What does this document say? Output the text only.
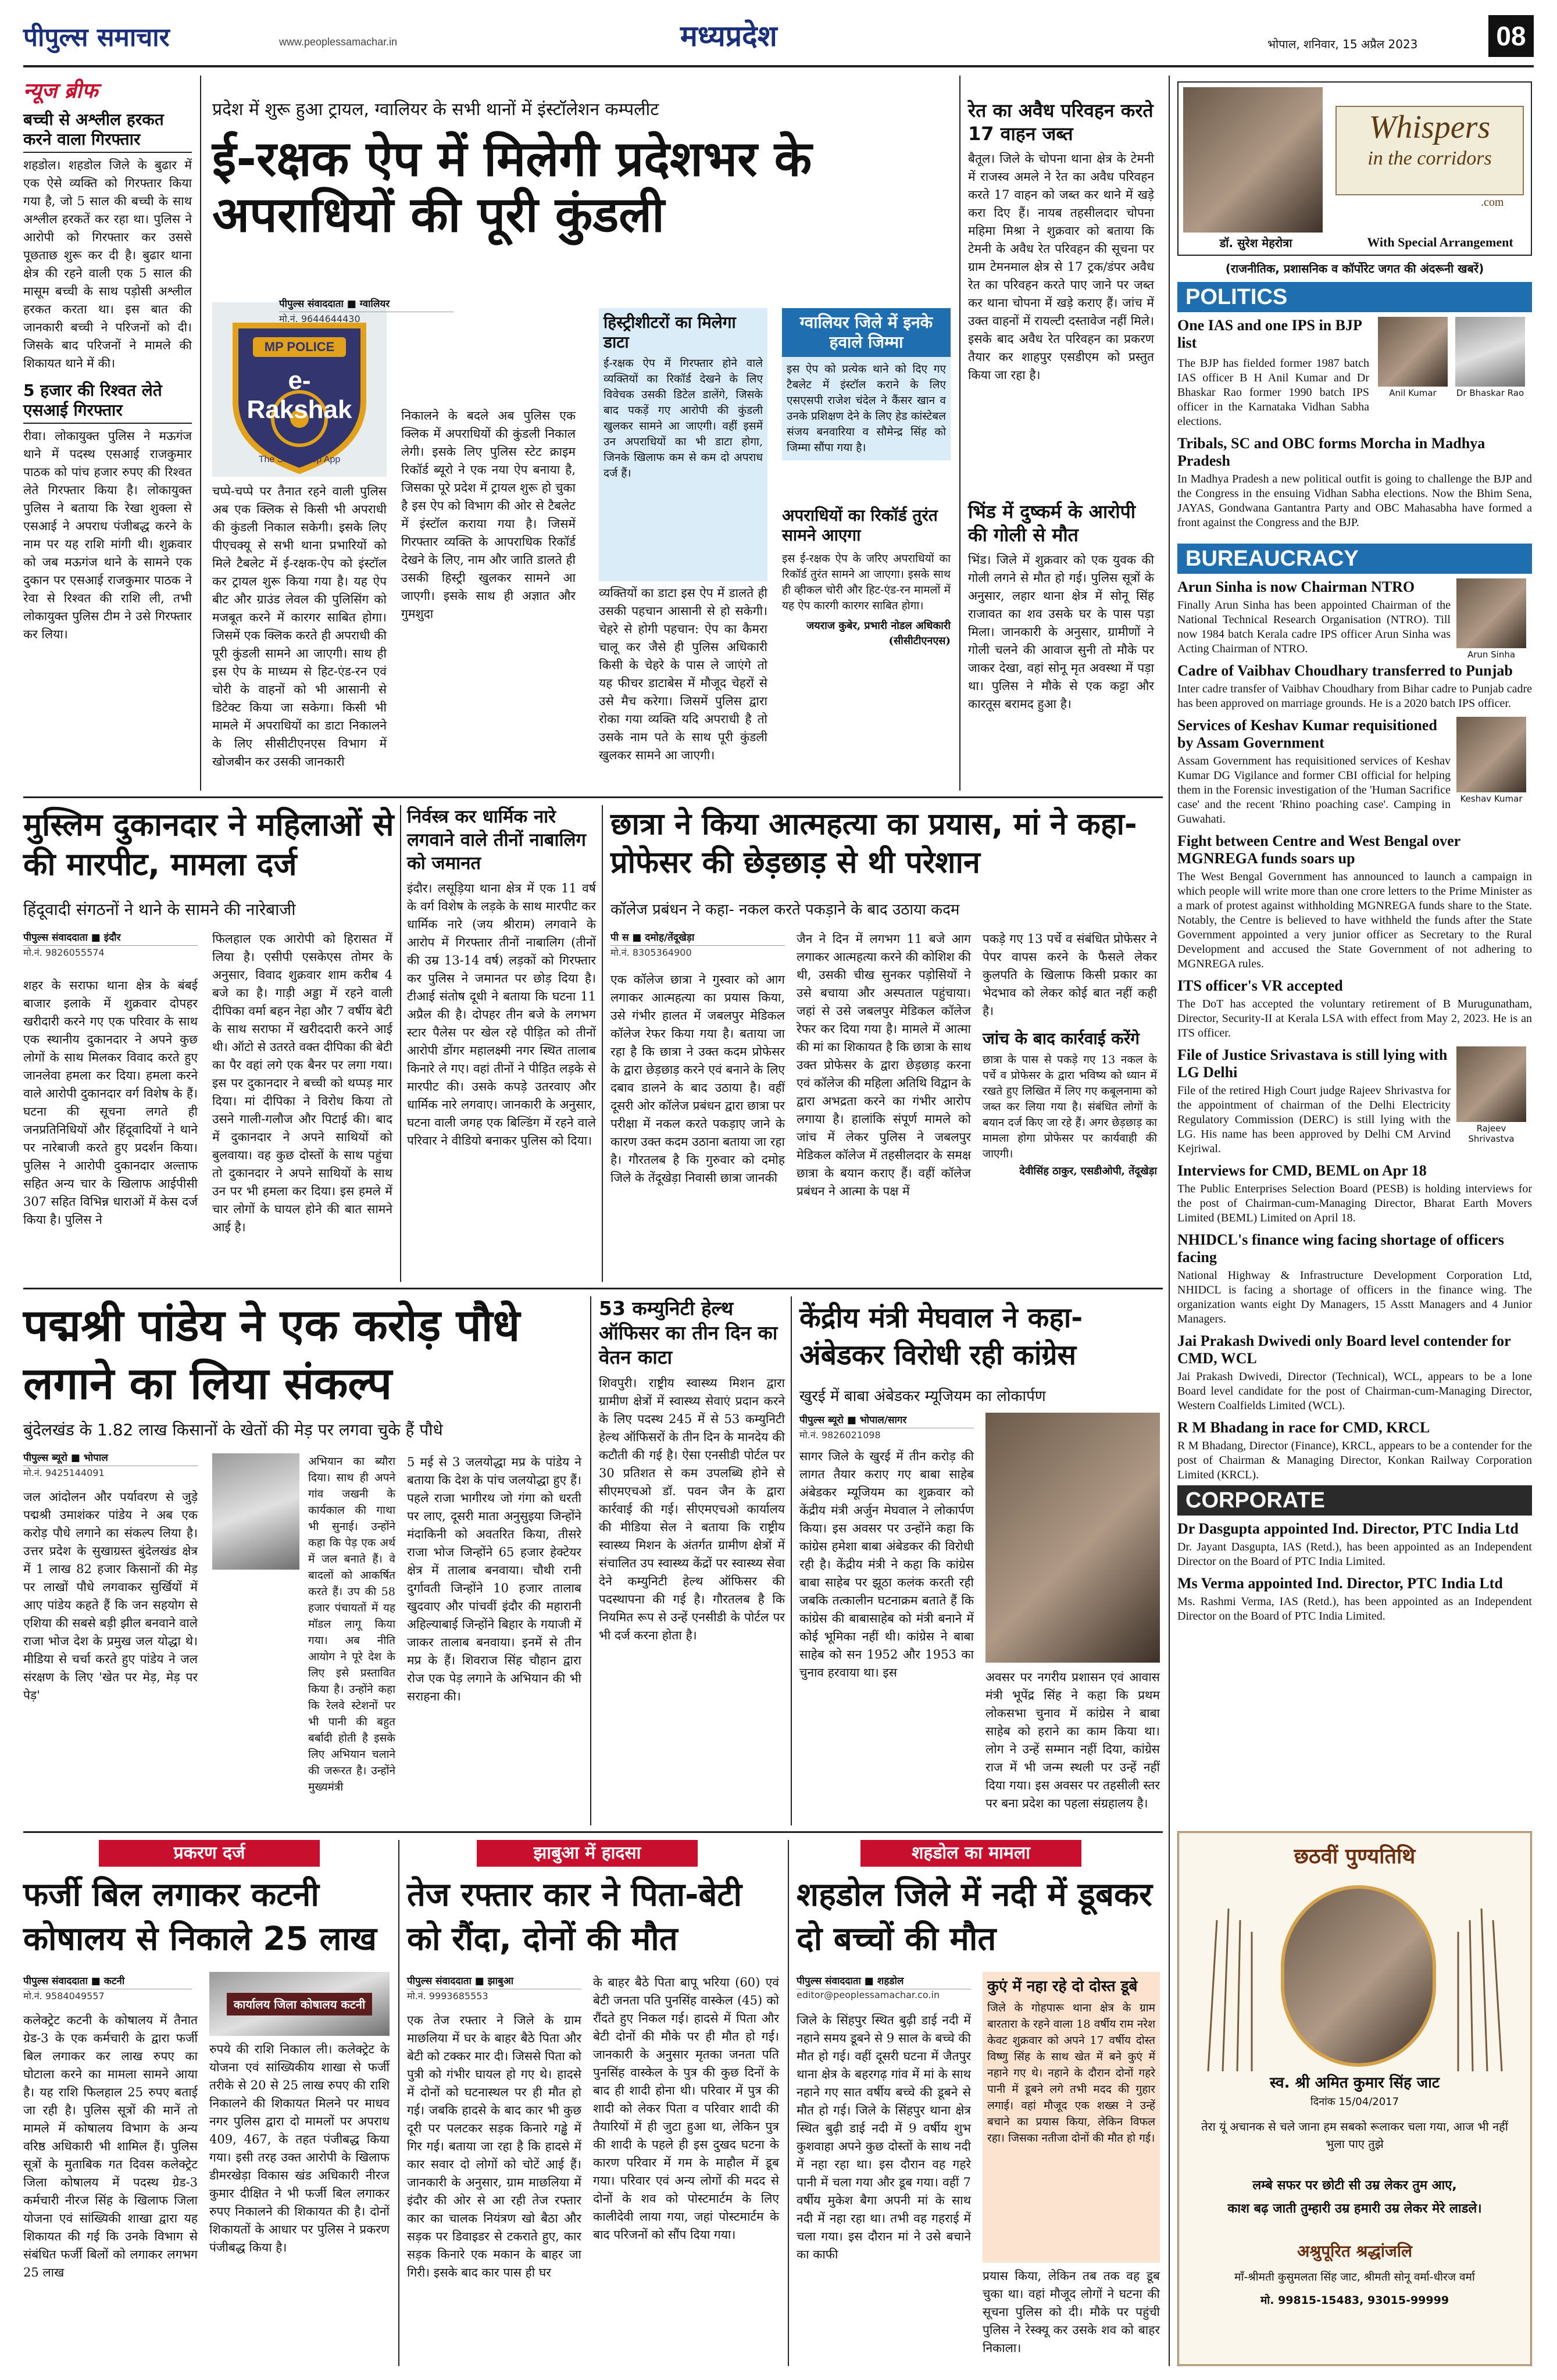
पीपुल्स समाचार	www.peoplessamachar.in	मध्यप्रदेश	भोपाल, शनिवार, 15 अप्रैल 2023	08
न्यूज ब्रीफ
बच्ची से अश्लील हरकत करने वाला गिरफ्तार
शहडोल। शहडोल जिले के बुढार में एक ऐसे व्यक्ति को गिरफ्तार किया गया है, जो 5 साल की बच्ची के साथ अश्लील हरकतें कर रहा था। पुलिस ने आरोपी को गिरफ्तार कर उससे पूछताछ शुरू कर दी है। बुढार थाना क्षेत्र की रहने वाली एक 5 साल की मासूम बच्ची के साथ पड़ोसी अश्लील हरकत करता था। इस बात की जानकारी बच्ची ने परिजनों को दी। जिसके बाद परिजनों ने मामले की शिकायत थाने में की।
5 हजार की रिश्वत लेते एसआई गिरफ्तार
रीवा। लोकायुक्त पुलिस ने मऊगंज थाने में पदस्थ एसआई राजकुमार पाठक को पांच हजार रुपए की रिश्वत लेते गिरफ्तार किया है। लोकायुक्त पुलिस ने बताया कि रेखा शुक्ला से एसआई ने अपराध पंजीबद्ध करने के नाम पर यह राशि मांगी थी। शुक्रवार को जब मऊगंज थाने के सामने एक दुकान पर एसआई राजकुमार पाठक ने रेवा से रिश्वत की राशि ली, तभी लोकायुक्त पुलिस टीम ने उसे गिरफ्तार कर लिया।
प्रदेश में शुरू हुआ ट्रायल, ग्वालियर के सभी थानों में इंस्टॉलेशन कम्पलीट
ई-रक्षक ऐप में मिलेगी प्रदेशभर के अपराधियों की पूरी कुंडली
MP POLICE
e-Rakshak
The Smart Cop App
पीपुल्स संवाददाता ■ ग्वालियर
मो.नं. 9644644430
चप्पे-चप्पे पर तैनात रहने वाली पुलिस अब एक क्लिक से किसी भी अपराधी की कुंडली निकाल सकेगी। इसके लिए पीएचक्यू से सभी थाना प्रभारियों को मिले टैबलेट में ई-रक्षक-ऐप को इंस्टॉल कर ट्रायल शुरू किया गया है। यह ऐप बीट और ग्राउंड लेवल की पुलिसिंग को मजबूत करने में कारगर साबित होगा। जिसमें एक क्लिक करते ही अपराधी की पूरी कुंडली सामने आ जाएगी। साथ ही इस ऐप के माध्यम से हिट-एंड-रन एवं चोरी के वाहनों को भी आसानी से डिटेक्ट किया जा सकेगा। किसी भी मामले में अपराधियों का डाटा निकालने के लिए सीसीटीएनएस विभाग में खोजबीन कर उसकी जानकारी
निकालने के बदले अब पुलिस एक क्लिक में अपराधियों की कुंडली निकाल लेगी। इसके लिए पुलिस स्टेट क्राइम रिकॉर्ड ब्यूरो ने एक नया ऐप बनाया है, जिसका पूरे प्रदेश में ट्रायल शुरू हो चुका है इस ऐप को विभाग की ओर से टैबलेट में इंस्टॉल कराया गया है। जिसमें गिरफ्तार व्यक्ति के आपराधिक रिकॉर्ड देखने के लिए, नाम और जाति डालते ही उसकी हिस्ट्री खुलकर सामने आ जाएगी। इसके साथ ही अज्ञात और गुमशुदा
हिस्ट्रीशीटरों का मिलेगा डाटा
ई-रक्षक ऐप में गिरफ्तार होने वाले व्यक्तियों का रिकॉर्ड देखने के लिए विवेचक उसकी डिटेल डालेंगे, जिसके बाद पकड़ें गए आरोपी की कुंडली खुलकर सामने आ जाएगी। वहीं इसमें उन अपराधियों का भी डाटा होगा, जिनके खिलाफ कम से कम दो अपराध दर्ज हैं।
व्यक्तियों का डाटा इस ऐप में डालते ही उसकी पहचान आसानी से हो सकेगी। चेहरे से होगी पहचान: ऐप का कैमरा चालू कर जैसे ही पुलिस अधिकारी किसी के चेहरे के पास ले जाएंगे तो यह फीचर डाटाबेस में मौजूद चेहरों से उसे मैच करेगा। जिसमें पुलिस द्वारा रोका गया व्यक्ति यदि अपराधी है तो उसके नाम पते के साथ पूरी कुंडली खुलकर सामने आ जाएगी।
ग्वालियर जिले में इनके हवाले जिम्मा
इस ऐप को प्रत्येक थाने को दिए गए टैबलेट में इंस्टॉल कराने के लिए एसएसपी राजेश चंदेल ने कैंसर खान व उनके प्रशिक्षण देने के लिए हेड कांस्टेबल संजय बनवारिया व सौमेन्द्र सिंह को जिम्मा सौंपा गया है।
अपराधियों का रिकॉर्ड तुरंत सामने आएगा
इस ई-रक्षक ऐप के जरिए अपराधियों का रिकॉर्ड तुरंत सामने आ जाएगा। इसके साथ ही व्हीकल चोरी और हिट-एंड-रन मामलों में यह ऐप कारगी कारगर साबित होगा।
जयराज कुबेर, प्रभारी नोडल अधिकारी (सीसीटीएनएस)
रेत का अवैध परिवहन करते 17 वाहन जब्त
बैतूल। जिले के चोपना थाना क्षेत्र के टेमनी में राजस्व अमले ने रेत का अवैध परिवहन करते 17 वाहन को जब्त कर थाने में खड़े करा दिए हैं। नायब तहसीलदार चोपना महिमा मिश्रा ने शुक्रवार को बताया कि टेमनी के अवैध रेत परिवहन की सूचना पर ग्राम टेमनमाल क्षेत्र से 17 ट्रक/डंपर अवैध रेत का परिवहन करते पाए जाने पर जब्त कर थाना चोपना में खड़े कराए हैं। जांच में उक्त वाहनों में रायल्टी दस्तावेज नहीं मिले। इसके बाद अवैध रेत परिवहन का प्रकरण तैयार कर शाहपुर एसडीएम को प्रस्तुत किया जा रहा है।
भिंड में दुष्कर्म के आरोपी की गोली से मौत
भिंड। जिले में शुक्रवार को एक युवक की गोली लगने से मौत हो गई। पुलिस सूत्रों के अनुसार, लहार थाना क्षेत्र में सोनू सिंह राजावत का शव उसके घर के पास पड़ा मिला। जानकारी के अनुसार, ग्रामीणों ने गोली चलने की आवाज सुनी तो मौके पर जाकर देखा, वहां सोनू मृत अवस्था में पड़ा था। पुलिस ने मौके से एक कट्टा और कारतूस बरामद हुआ है।
मुस्लिम दुकानदार ने महिलाओं से की मारपीट, मामला दर्ज
हिंदूवादी संगठनों ने थाने के सामने की नारेबाजी
पीपुल्स संवाददाता ■ इंदौर
मो.नं. 9826055574
शहर के सराफा थाना क्षेत्र के बंबई बाजार इलाके में शुक्रवार दोपहर खरीदारी करने गए एक परिवार के साथ एक स्थानीय दुकानदार ने अपने कुछ लोगों के साथ मिलकर विवाद करते हुए जानलेवा हमला कर दिया। हमला करने वाले आरोपी दुकानदार वर्ग विशेष के हैं। घटना की सूचना लगते ही जनप्रतिनिधियों और हिंदूवादियों ने थाने पर नारेबाजी करते हुए प्रदर्शन किया। पुलिस ने आरोपी दुकानदार अल्ताफ सहित अन्य चार के खिलाफ आईपीसी 307 सहित विभिन्न धाराओं में केस दर्ज किया है। पुलिस ने
फिलहाल एक आरोपी को हिरासत में लिया है। एसीपी एसकेएस तोमर के अनुसार, विवाद शुक्रवार शाम करीब 4 बजे का है। गाड़ी अड्डा में रहने वाली दीपिका वर्मा बहन नेहा और 7 वर्षीय बेटी के साथ सराफा में खरीददारी करने आई थी। ऑटो से उतरते वक्त दीपिका की बेटी का पैर वहां लगे एक बैनर पर लगा गया। इस पर दुकानदार ने बच्ची को थप्पड़ मार दिया। मां दीपिका ने विरोध किया तो उसने गाली-गलौज और पिटाई की। बाद में दुकानदार ने अपने साथियों को बुलवाया। वह कुछ दोस्तों के साथ पहुंचा तो दुकानदार ने अपने साथियों के साथ उन पर भी हमला कर दिया। इस हमले में चार लोगों के घायल होने की बात सामने आई है।
निर्वस्त्र कर धार्मिक नारे लगवाने वाले तीनों नाबालिग को जमानत
इंदौर। लसूड़िया थाना क्षेत्र में एक 11 वर्ष के वर्ग विशेष के लड़के के साथ मारपीट कर धार्मिक नारे (जय श्रीराम) लगवाने के आरोप में गिरफ्तार तीनों नाबालिग (तीनों की उम्र 13-14 वर्ष) लड़कों को गिरफ्तार कर पुलिस ने जमानत पर छोड़ दिया है। टीआई संतोष दूधी ने बताया कि घटना 11 अप्रैल की है। दोपहर तीन बजे के लगभग स्टार पैलेस पर खेल रहे पीड़ित को तीनों आरोपी डोंगर महालक्ष्मी नगर स्थित तालाब किनारे ले गए। वहां तीनों ने पीड़ित लड़के से मारपीट की। उसके कपड़े उतरवाए और धार्मिक नारे लगवाए। जानकारी के अनुसार, घटना वाली जगह एक बिल्डिंग में रहने वाले परिवार ने वीडियो बनाकर पुलिस को दिया।
छात्रा ने किया आत्महत्या का प्रयास, मां ने कहा-प्रोफेसर की छेड़छाड़ से थी परेशान
कॉलेज प्रबंधन ने कहा- नकल करते पकड़ाने के बाद उठाया कदम
पी स ■ दमोह/तेंदूखेड़ा
मो.नं. 8305364900
एक कॉलेज छात्रा ने गुस्वार को आग लगाकर आत्महत्या का प्रयास किया, उसे गंभीर हालत में जबलपुर मेडिकल कॉलेज रेफर किया गया है। बताया जा रहा है कि छात्रा ने उक्त कदम प्रोफेसर के द्वारा छेड़छाड़ करने एवं बनाने के लिए दबाव डालने के बाद उठाया है। वहीं दूसरी ओर कॉलेज प्रबंधन द्वारा छात्रा पर परीक्षा में नकल करते पकड़ाए जाने के कारण उक्त कदम उठाना बताया जा रहा है। गौरतलब है कि गुरुवार को दमोह जिले के तेंदूखेड़ा निवासी छात्रा जानकी
जैन ने दिन में लगभग 11 बजे आग लगाकर आत्महत्या करने की कोशिश की थी, उसकी चीख सुनकर पड़ोसियों ने उसे बचाया और अस्पताल पहुंचाया। जहां से उसे जबलपुर मेडिकल कॉलेज रेफर कर दिया गया है। मामले में आत्मा की मां का शिकायत है कि छात्रा के साथ उक्त प्रोफेसर के द्वारा छेड़छाड़ करना एवं कॉलेज की महिला अतिथि विद्वान के द्वारा अभद्रता करने का गंभीर आरोप लगाया है। हालांकि संपूर्ण मामले को जांच में लेकर पुलिस ने जबलपुर मेडिकल कॉलेज में तहसीलदार के समक्ष छात्रा के बयान कराए हैं। वहीं कॉलेज प्रबंधन ने आत्मा के पक्ष में
पकड़े गए 13 पर्चे व संबंधित प्रोफेसर ने पेपर वापस करने के फैसले लेकर कुलपति के खिलाफ किसी प्रकार का भेदभाव को लेकर कोई बात नहीं कही है।
जांच के बाद कार्रवाई करेंगे
छात्रा के पास से पकड़े गए 13 नकल के पर्चे व प्रोफेसर के द्वारा भविष्य को ध्यान में रखते हुए लिखित में लिए गए कबूलनामा को जब्त कर लिया गया है। संबंधित लोगों के बयान दर्ज किए जा रहे हैं। अगर छेड़छाड़ का मामला होगा प्रोफेसर पर कार्यवाही की जाएगी।
देवीसिंह ठाकुर, एसडीओपी, तेंदूखेड़ा
पद्मश्री पांडेय ने एक करोड़ पौधे लगाने का लिया संकल्प
बुंदेलखंड के 1.82 लाख किसानों के खेतों की मेड़ पर लगवा चुके हैं पौधे
पीपुल्स ब्यूरो ■ भोपाल
मो.नं. 9425144091
जल आंदोलन और पर्यावरण से जुड़े पद्मश्री उमाशंकर पांडेय ने अब एक करोड़ पौधे लगाने का संकल्प लिया है। उत्तर प्रदेश के सुखाग्रस्त बुंदेलखंड क्षेत्र में 1 लाख 82 हजार किसानों की मेड़ पर लाखों पौधे लगवाकर सुर्खियों में आए पांडेय कहते हैं कि जन सहयोग से एशिया की सबसे बड़ी झील बनवाने वाले राजा भोज देश के प्रमुख जल योद्धा थे। मीडिया से चर्चा करते हुए पांडेय ने जल संरक्षण के लिए 'खेत पर मेड़, मेड़ पर पेड़'
अभियान का ब्यौरा दिया। साथ ही अपने गांव जखनी के कार्यकाल की गाथा भी सुनाई। उन्होंने कहा कि पेड़ एक अर्थ में जल बनाते हैं। वे बादलों को आकर्षित करते हैं। उप की 58 हजार पंचायतों में यह मॉडल लागू किया गया। अब नीति आयोग ने पूरे देश के लिए इसे प्रस्तावित किया है। उन्होंने कहा कि रेलवे स्टेशनों पर भी पानी की बहुत बर्बादी होती है इसके लिए अभियान चलाने की जरूरत है। उन्होंने मुख्यमंत्री
5 मई से 3 जलयोद्धा मप्र के पांडेय ने बताया कि देश के पांच जलयोद्धा हुए हैं। पहले राजा भागीरथ जो गंगा को धरती पर लाए, दूसरी माता अनुसुइया जिन्होंने मंदाकिनी को अवतरित किया, तीसरे राजा भोज जिन्होंने 65 हजार हेक्टेयर क्षेत्र में तालाब बनवाया। चौथी रानी दुर्गावती जिन्होंने 10 हजार तालाब खुदवाए और पांचवीं इंदौर की महारानी अहिल्याबाई जिन्होंने बिहार के गयाजी में जाकर तालाब बनवाया। इनमें से तीन मप्र के हैं। शिवराज सिंह चौहान द्वारा रोज एक पेड़ लगाने के अभियान की भी सराहना की।
53 कम्युनिटी हेल्थ ऑफिसर का तीन दिन का वेतन काटा
शिवपुरी। राष्ट्रीय स्वास्थ्य मिशन द्वारा ग्रामीण क्षेत्रों में स्वास्थ्य सेवाएं प्रदान करने के लिए पदस्थ 245 में से 53 कम्युनिटी हेल्थ ऑफिसरों के तीन दिन के मानदेय की कटौती की गई है। ऐसा एनसीडी पोर्टल पर 30 प्रतिशत से कम उपलब्धि होने से सीएमएचओ डॉ. पवन जैन के द्वारा कार्रवाई की गई। सीएमएचओ कार्यालय की मीडिया सेल ने बताया कि राष्ट्रीय स्वास्थ्य मिशन के अंतर्गत ग्रामीण क्षेत्रों में संचालित उप स्वास्थ्य केंद्रों पर स्वास्थ्य सेवा देने कम्युनिटी हेल्थ ऑफिसर की पदस्थापना की गई है। गौरतलब है कि नियमित रूप से उन्हें एनसीडी के पोर्टल पर भी दर्ज करना होता है।
केंद्रीय मंत्री मेघवाल ने कहा-अंबेडकर विरोधी रही कांग्रेस
खुरई में बाबा अंबेडकर म्यूजियम का लोकार्पण
पीपुल्स ब्यूरो ■ भोपाल/सागर
मो.नं. 9826021098
सागर जिले के खुरई में तीन करोड़ की लागत तैयार कराए गए बाबा साहेब अंबेडकर म्यूजियम का शुक्रवार को केंद्रीय मंत्री अर्जुन मेघवाल ने लोकार्पण किया। इस अवसर पर उन्होंने कहा कि कांग्रेस हमेशा बाबा अंबेडकर की विरोधी रही है। केंद्रीय मंत्री ने कहा कि कांग्रेस बाबा साहेब पर झूठा कलंक करती रही जबकि तत्कालीन घटनाक्रम बताते हैं कि कांग्रेस की बाबासाहेब को मंत्री बनाने में कोई भूमिका नहीं थी। कांग्रेस ने बाबा साहेब को सन 1952 और 1953 का चुनाव हरवाया था। इस	अवसर पर नगरीय प्रशासन एवं आवास मंत्री भूपेंद्र सिंह ने कहा कि प्रथम लोकसभा चुनाव में कांग्रेस ने बाबा साहेब को हराने का काम किया था। लोग ने उन्हें सम्मान नहीं दिया, कांग्रेस राज में भी जन्म स्थली पर उन्हें नहीं दिया गया। इस अवसर पर तहसीली स्तर पर बना प्रदेश का पहला संग्रहालय है।
प्रकरण दर्ज
फर्जी बिल लगाकर कटनी कोषालय से निकाले 25 लाख
पीपुल्स संवाददाता ■ कटनी
मो.नं. 9584049557
कलेक्ट्रेट कटनी के कोषालय में तैनात ग्रेड-3 के एक कर्मचारी के द्वारा फर्जी बिल लगाकर कर लाख रुपए का घोटाला करने का मामला सामने आया है। यह राशि फिलहाल 25 रुपए बताई जा रही है। पुलिस सूत्रों की मानें तो मामले में कोषालय विभाग के अन्य वरिष्ठ अधिकारी भी शामिल हैं। पुलिस सूत्रों के मुताबिक गत दिवस कलेक्ट्रेट जिला कोषालय में पदस्थ ग्रेड-3 कर्मचारी नीरज सिंह के खिलाफ जिला योजना एवं सांख्यिकी शाखा द्वारा यह शिकायत की गई कि उनके विभाग से संबंधित फर्जी बिलों को लगाकर लगभग 25 लाख
कार्यालय जिला कोषालय कटनी
रुपये की राशि निकाल ली। कलेक्ट्रेट के योजना एवं सांख्यिकीय शाखा से फर्जी तरीके से 20 से 25 लाख रुपए की राशि निकालने की शिकायत मिलने पर माधव नगर पुलिस द्वारा दो मामलों पर अपराध 409, 467, के तहत पंजीबद्ध किया गया। इसी तरह उक्त आरोपी के खिलाफ डीमरखेड़ा विकास खंड अधिकारी नीरज कुमार दीक्षित ने भी फर्जी बिल लगाकर रुपए निकालने की शिकायत की है। दोनों शिकायतों के आधार पर पुलिस ने प्रकरण पंजीबद्ध किया है।
झाबुआ में हादसा
तेज रफ्तार कार ने पिता-बेटी को रौंदा, दोनों की मौत
पीपुल्स संवाददाता ■ झाबुआ
मो.नं. 9993685553
एक तेज रफ्तार ने जिले के ग्राम माछलिया में घर के बाहर बैठे पिता और बेटी को टक्कर मार दी। जिससे पिता को पुत्री को गंभीर घायल हो गए थे। हादसे में दोनों को घटनास्थल पर ही मौत हो गई। जबकि हादसे के बाद कार भी कुछ दूरी पर पलटकर सड़क किनारे गड्ढे में गिर गई। बताया जा रहा है कि हादसे में कार सवार दो लोगों को चोटें आई हैं। जानकारी के अनुसार, ग्राम माछलिया में इंदौर की ओर से आ रही तेज रफ्तार कार का चालक नियंत्रण खो बैठा और सड़क पर डिवाइडर से टकराते हुए, कार सड़क किनारे एक मकान के बाहर जा गिरी। इसके बाद कार पास ही घर
के बाहर बैठे पिता बापू भरिया (60) एवं बेटी जनता पति पुनसिंह वास्केल (45) को रौंदते हुए निकल गई। हादसे में पिता और बेटी दोनों की मौके पर ही मौत हो गई। जानकारी के अनुसार मृतका जनता पति पुनसिंह वास्केल के पुत्र की कुछ दिनों के बाद ही शादी होना थी। परिवार में पुत्र की शादी को लेकर पिता व परिवार शादी की तैयारियों में ही जुटा हुआ था, लेकिन पुत्र की शादी के पहले ही इस दुखद घटना के कारण परिवार में गम के माहौल में डूब गया। परिवार एवं अन्य लोगों की मदद से दोनों के शव को पोस्टमार्टम के लिए कालीदेवी लाया गया, जहां पोस्टमार्टम के बाद परिजनों को सौंप दिया गया।
शहडोल का मामला
शहडोल जिले में नदी में डूबकर दो बच्चों की मौत
पीपुल्स संवाददाता ■ शहडोल
editor@peoplessamachar.co.in
जिले के सिंहपुर स्थित बुढ़ी डाई नदी में नहाने समय डूबने से 9 साल के बच्चे की मौत हो गई। वहीं दूसरी घटना में जैतपुर थाना क्षेत्र के बहरगढ़ गांव में मां के साथ नहाने गए सात वर्षीय बच्चे की डूबने से मौत हो गई। जिले के सिंहपुर थाना क्षेत्र स्थित बुढ़ी डाई नदी में 9 वर्षीय शुभ कुशवाहा अपने कुछ दोस्तों के साथ नदी में नहा रहा था। इस दौरान वह गहरे पानी में चला गया और डूब गया। वहीं 7 वर्षीय मुकेश बैगा अपनी मां के साथ नदी में नहा रहा था। तभी वह गहराई में चला गया। इस दौरान मां ने उसे बचाने का काफी
कुएं में नहा रहे दो दोस्त डूबे
जिले के गोहपारू थाना क्षेत्र के ग्राम बारतारा के रहने वाला 18 वर्षीय राम नरेश केवट शुक्रवार को अपने 17 वर्षीय दोस्त विष्णु सिंह के साथ खेत में बने कुएं में नहाने गए थे। नहाने के दौरान दोनों गहरे पानी में डूबने लगे तभी मदद की गुहार लगाई। वहां मौजूद एक शख्स ने उन्हें बचाने का प्रयास किया, लेकिन विफल रहा। जिसका नतीजा दोनों की मौत हो गई।
प्रयास किया, लेकिन तब तक वह डूब चुका था। वहां मौजूद लोगों ने घटना की सूचना पुलिस को दी। मौके पर पहुंची पुलिस ने रेस्क्यू कर उसके शव को बाहर निकाला।
Whispers
in the corridors
.com
डॉ. सुरेश मेहरोत्रा	With Special Arrangement
(राजनीतिक, प्रशासनिक व कॉर्पोरेट जगत की अंदरूनी खबरें)
POLITICS
One IAS and one IPS in BJP list
Anil Kumar	Dr Bhaskar Rao
The BJP has fielded former 1987 batch IAS officer B H Anil Kumar and Dr Bhaskar Rao former 1990 batch IPS officer in the Karnataka Vidhan Sabha elections.
Tribals, SC and OBC forms Morcha in Madhya Pradesh
In Madhya Pradesh a new political outfit is going to challenge the BJP and the Congress in the ensuing Vidhan Sabha elections. Now the Bhim Sena, JAYAS, Gondwana Gantantra Party and OBC Mahasabha have formed a front against the Congress and the BJP.
BUREAUCRACY
Arun Sinha
Arun Sinha is now Chairman NTRO
Finally Arun Sinha has been appointed Chairman of the National Technical Research Organisation (NTRO). Till now 1984 batch Kerala cadre IPS officer Arun Sinha was Acting Chairman of NTRO.
Cadre of Vaibhav Choudhary transferred to Punjab
Inter cadre transfer of Vaibhav Choudhary from Bihar cadre to Punjab cadre has been approved on marriage grounds. He is a 2020 batch IPS officer.
Keshav Kumar
Services of Keshav Kumar requisitioned by Assam Government
Assam Government has requisitioned services of Keshav Kumar DG Vigilance and former CBI official for helping them in the Forensic investigation of the 'Human Sacrifice case' and the recent 'Rhino poaching case'. Camping in Guwahati.
Fight between Centre and West Bengal over MGNREGA funds soars up
The West Bengal Government has announced to launch a campaign in which people will write more than one crore letters to the Prime Minister as a mark of protest against withholding MGNREGA funds share to the State. Notably, the Centre is believed to have withheld the funds after the State Government appointed a very junior officer as Secretary to the Rural Development and accused the State Government of not adhering to MGNREGA rules.
ITS officer's VR accepted
The DoT has accepted the voluntary retirement of B Murugunatham, Director, Security-II at Kerala LSA with effect from May 2, 2023. He is an ITS officer.
Rajeev Shrivastva
File of Justice Srivastava is still lying with LG Delhi
File of the retired High Court judge Rajeev Shrivastva for the appointment of chairman of the Delhi Electricity Regulatory Commission (DERC) is still lying with the LG. His name has been approved by Delhi CM Arvind Kejriwal.
Interviews for CMD, BEML on Apr 18
The Public Enterprises Selection Board (PESB) is holding interviews for the post of Chairman-cum-Managing Director, Bharat Earth Movers Limited (BEML) Limited on April 18.
NHIDCL's finance wing facing shortage of officers facing
National Highway & Infrastructure Development Corporation Ltd, NHIDCL is facing a shortage of officers in the finance wing. The organization wants eight Dy Managers, 15 Asstt Managers and 4 Junior Managers.
Jai Prakash Dwivedi only Board level contender for CMD, WCL
Jai Prakash Dwivedi, Director (Technical), WCL, appears to be a lone Board level candidate for the post of Chairman-cum-Managing Director, Western Coalfields Limited (WCL).
R M Bhadang in race for CMD, KRCL
R M Bhadang, Director (Finance), KRCL, appears to be a contender for the post of Chairman & Managing Director, Konkan Railway Corporation Limited (KRCL).
CORPORATE
Dr Dasgupta appointed Ind. Director, PTC India Ltd
Dr. Jayant Dasgupta, IAS (Retd.), has been appointed as an Independent Director on the Board of PTC India Limited.
Ms Verma appointed Ind. Director, PTC India Ltd
Ms. Rashmi Verma, IAS (Retd.), has been appointed as an Independent Director on the Board of PTC India Limited.
छठवीं पुण्यतिथि
स्व. श्री अमित कुमार सिंह जाट
दिनांक 15/04/2017
तेरा यूं अचानक से चले जाना हम सबको रूलाकर चला गया, आज भी नहीं भुला पाए तुझे
लम्बे सफर पर छोटी सी उम्र लेकर तुम आए,
काश बढ़ जाती तुम्हारी उम्र हमारी उम्र लेकर मेरे लाडले।
अश्रुपूरित श्रद्धांजलि
माँ-श्रीमती कुसुमलता सिंह जाट, श्रीमती सोनू वर्मा-धीरज वर्मा
मो. 99815-15483, 93015-99999
